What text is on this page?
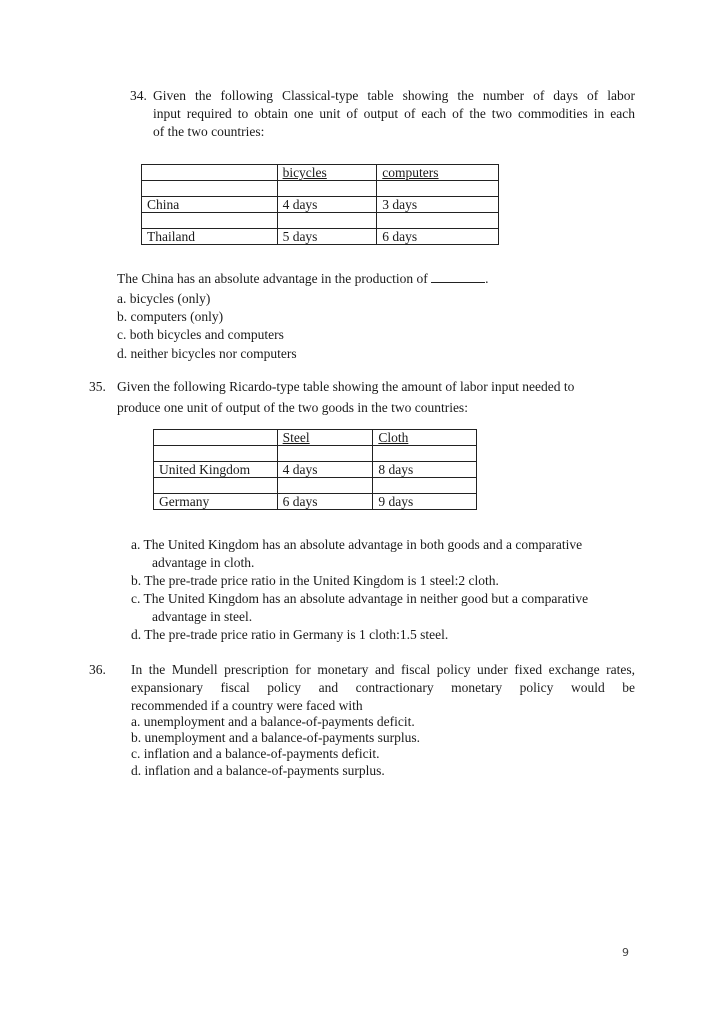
34. Given the following Classical-type table showing the number of days of labor
input required to obtain one unit of output of each of the two commodities in each
of the two countries:
	bicycles	computers

China	4 days	3 days

Thailand	5 days	6 days
The China has an absolute advantage in the production of	.
a. bicycles (only)
b. computers (only)
c. both bicycles and computers
d. neither bicycles nor computers
35. Given the following Ricardo-type table showing the amount of labor input needed to
produce one unit of output of the two goods in the two countries:
	Steel	Cloth

United Kingdom	4 days	8 days

Germany	6 days	9 days
a. The United Kingdom has an absolute advantage in both goods and a comparative
advantage in cloth.
b. The pre-trade price ratio in the United Kingdom is 1 steel:2 cloth.
c. The United Kingdom has an absolute advantage in neither good but a comparative
advantage in steel.
d. The pre-trade price ratio in Germany is 1 cloth:1.5 steel.
36. In the Mundell prescription for monetary and fiscal policy under fixed exchange rates,
expansionary fiscal policy and contractionary monetary policy would be
recommended if a country were faced with
a. unemployment and a balance-of-payments deficit.
b. unemployment and a balance-of-payments surplus.
c. inflation and a balance-of-payments deficit.
d. inflation and a balance-of-payments surplus.
9
